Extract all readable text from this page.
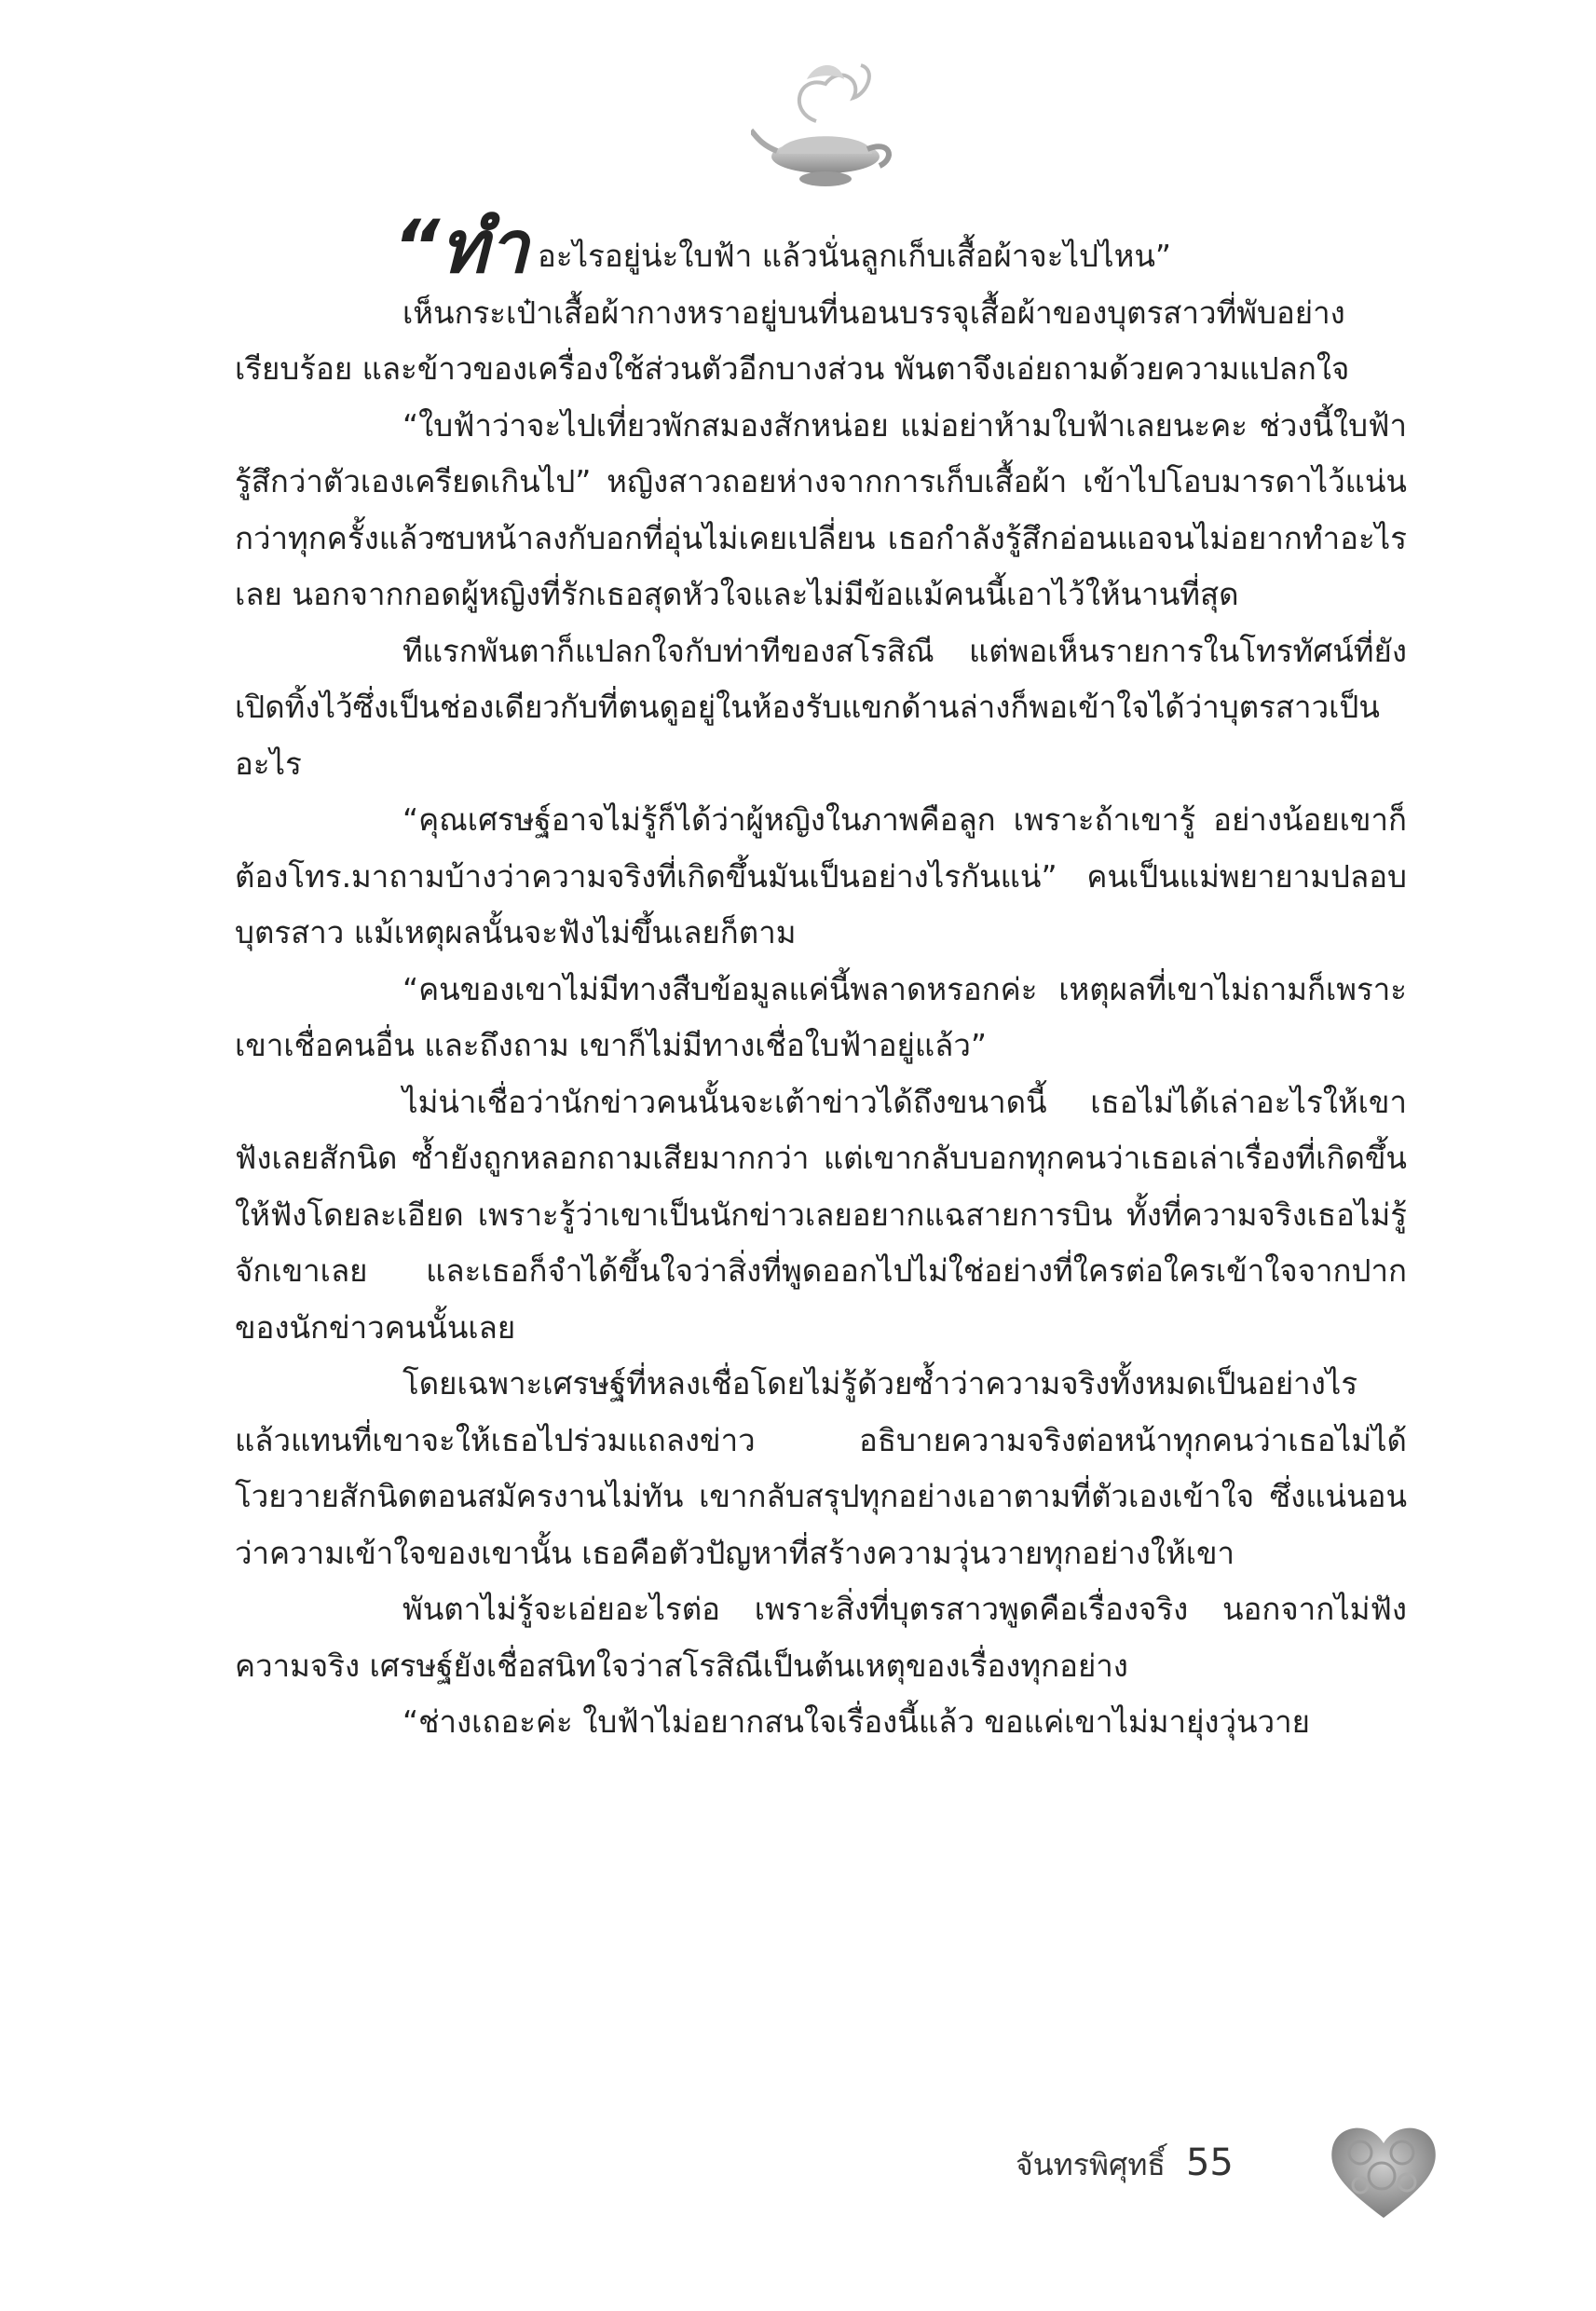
“ทำ อะไรอยู่น่ะใบฟ้า แล้วนั่นลูกเก็บเสื้อผ้าจะไปไหน”

เห็นกระเป๋าเสื้อผ้ากางหราอยู่บนที่นอนบรรจุเสื้อผ้าของบุตรสาวที่พับอย่างเรียบร้อย และข้าวของเครื่องใช้ส่วนตัวอีกบางส่วน พันตาจึงเอ่ยถามด้วยความแปลกใจ

“ใบฟ้าว่าจะไปเที่ยวพักสมองสักหน่อย แม่อย่าห้ามใบฟ้าเลยนะคะ ช่วงนี้ใบฟ้ารู้สึกว่าตัวเองเครียดเกินไป” หญิงสาวถอยห่างจากการเก็บเสื้อผ้า เข้าไปโอบมารดาไว้แน่นกว่าทุกครั้งแล้วซบหน้าลงกับอกที่อุ่นไม่เคยเปลี่ยน เธอกำลังรู้สึกอ่อนแอจนไม่อยากทำอะไรเลย นอกจากกอดผู้หญิงที่รักเธอสุดหัวใจและไม่มีข้อแม้คนนี้เอาไว้ให้นานที่สุด

ทีแรกพันตาก็แปลกใจกับท่าทีของสโรสิณี แต่พอเห็นรายการในโทรทัศน์ที่ยังเปิดทิ้งไว้ซึ่งเป็นช่องเดียวกับที่ตนดูอยู่ในห้องรับแขกด้านล่างก็พอเข้าใจได้ว่าบุตรสาวเป็นอะไร

“คุณเศรษฐ์อาจไม่รู้ก็ได้ว่าผู้หญิงในภาพคือลูก เพราะถ้าเขารู้ อย่างน้อยเขาก็ต้องโทร.มาถามบ้างว่าความจริงที่เกิดขึ้นมันเป็นอย่างไรกันแน่” คนเป็นแม่พยายามปลอบบุตรสาว แม้เหตุผลนั้นจะฟังไม่ขึ้นเลยก็ตาม

“คนของเขาไม่มีทางสืบข้อมูลแค่นี้พลาดหรอกค่ะ เหตุผลที่เขาไม่ถามก็เพราะเขาเชื่อคนอื่น และถึงถาม เขาก็ไม่มีทางเชื่อใบฟ้าอยู่แล้ว”

ไม่น่าเชื่อว่านักข่าวคนนั้นจะเต้าข่าวได้ถึงขนาดนี้ เธอไม่ได้เล่าอะไรให้เขาฟังเลยสักนิด ซ้ำยังถูกหลอกถามเสียมากกว่า แต่เขากลับบอกทุกคนว่าเธอเล่าเรื่องที่เกิดขึ้นให้ฟังโดยละเอียด เพราะรู้ว่าเขาเป็นนักข่าวเลยอยากแฉสายการบิน ทั้งที่ความจริงเธอไม่รู้จักเขาเลย และเธอก็จำได้ขึ้นใจว่าสิ่งที่พูดออกไปไม่ใช่อย่างที่ใครต่อใครเข้าใจจากปากของนักข่าวคนนั้นเลย

โดยเฉพาะเศรษฐ์ที่หลงเชื่อโดยไม่รู้ด้วยซ้ำว่าความจริงทั้งหมดเป็นอย่างไร แล้วแทนที่เขาจะให้เธอไปร่วมแถลงข่าว อธิบายความจริงต่อหน้าทุกคนว่าเธอไม่ได้โวยวายสักนิดตอนสมัครงานไม่ทัน เขากลับสรุปทุกอย่างเอาตามที่ตัวเองเข้าใจ ซึ่งแน่นอนว่าความเข้าใจของเขานั้น เธอคือตัวปัญหาที่สร้างความวุ่นวายทุกอย่างให้เขา

พันตาไม่รู้จะเอ่ยอะไรต่อ เพราะสิ่งที่บุตรสาวพูดคือเรื่องจริง นอกจากไม่ฟังความจริง เศรษฐ์ยังเชื่อสนิทใจว่าสโรสิณีเป็นต้นเหตุของเรื่องทุกอย่าง

“ช่างเถอะค่ะ ใบฟ้าไม่อยากสนใจเรื่องนี้แล้ว ขอแค่เขาไม่มายุ่งวุ่นวาย

จันทรพิศุทธิ์ 55
